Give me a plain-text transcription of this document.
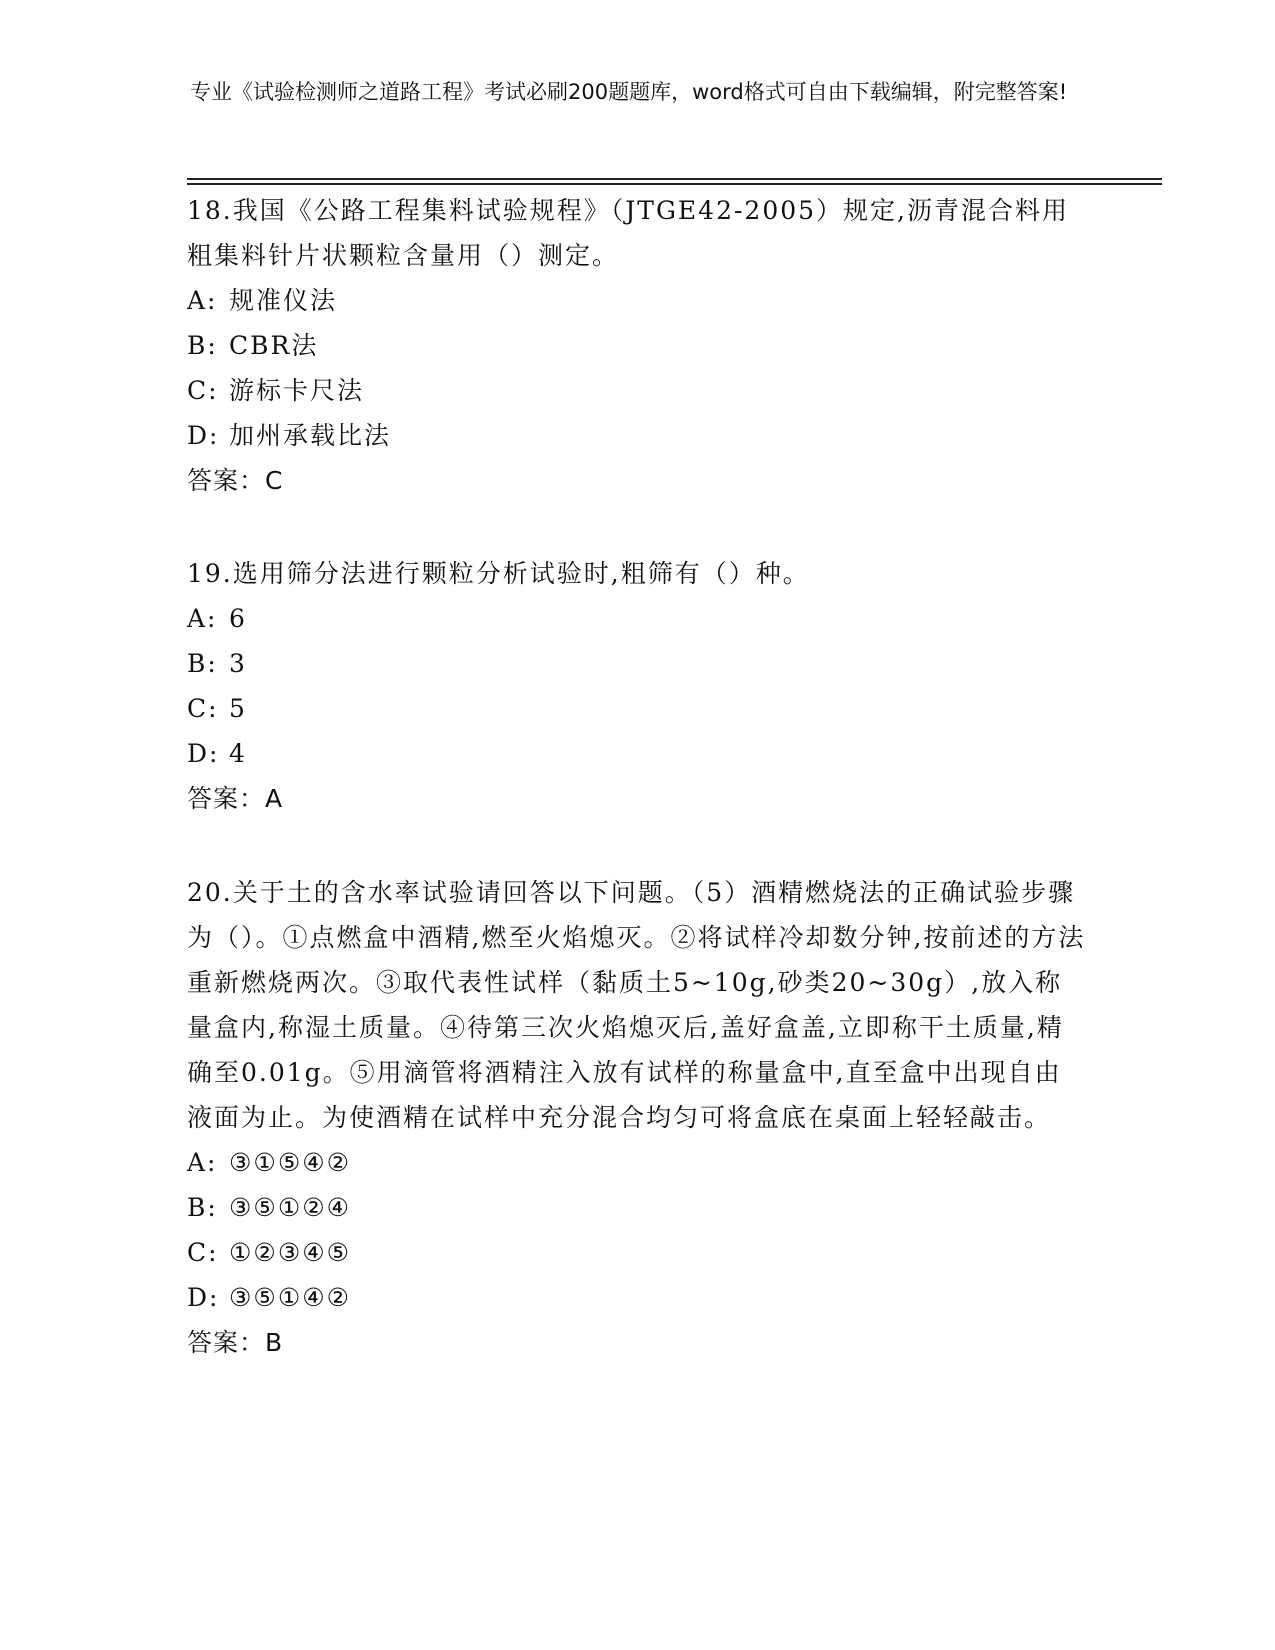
专业《试验检测师之道路工程》考试必刷200题题库，word格式可自由下载编辑，附完整答案!

18.我国《公路工程集料试验规程》（JTGE42-2005）规定,沥青混合料用粗集料针片状颗粒含量用（）测定。

A: 规准仪法

B: CBR法

C: 游标卡尺法

D: 加州承载比法

答案：C

19.选用筛分法进行颗粒分析试验时,粗筛有（）种。

A: 6

B: 3

C: 5

D: 4

答案：A

20.关于土的含水率试验请回答以下问题。（5）酒精燃烧法的正确试验步骤为（）。①点燃盒中酒精,燃至火焰熄灭。②将试样冷却数分钟,按前述的方法重新燃烧两次。③取代表性试样（黏质土5~10g,砂类20~30g）,放入称量盒内,称湿土质量。④待第三次火焰熄灭后,盖好盒盖,立即称干土质量,精确至0.01g。⑤用滴管将酒精注入放有试样的称量盒中,直至盒中出现自由液面为止。为使酒精在试样中充分混合均匀可将盒底在桌面上轻轻敲击。

A: ③①⑤④②

B: ③⑤①②④

C: ①②③④⑤

D: ③⑤①④②

答案：B
